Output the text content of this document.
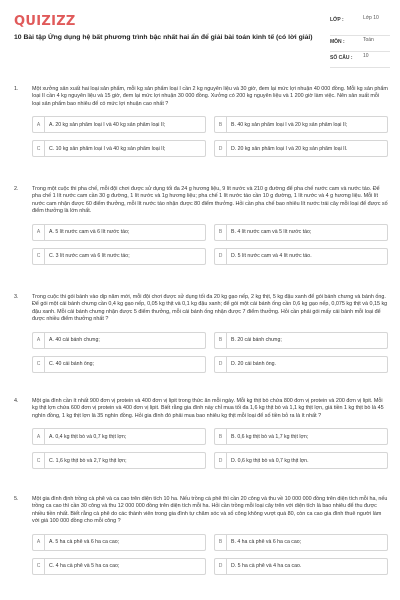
QUIZIZZ
10 Bài tập Ứng dụng hệ bất phương trình bậc nhất hai ẩn để giải bài toán kinh tế (có lời giải)
LỚP :	Lớp 10
MÔN :	Toán
SỐ CÂU : 10
1.	Một xưởng sản xuất hai loại sản phẩm, mỗi kg sản phẩm loại I cần 2 kg nguyên liệu và 30 giờ, đem lại mức lợi nhuận 40 000 đồng. Mỗi kg sản phẩm loại II cần 4 kg nguyên liệu và 15 giờ, đem lại mức lợi nhuận 30 000 đồng. Xưởng có 200 kg nguyên liệu và 1 200 giờ làm việc. Nên sản xuất mỗi loại sản phẩm bao nhiêu để có mức lợi nhuận cao nhất ?
A	A. 20 kg sản phẩm loại I và 40 kg sản phẩm loại II;	B	B. 40 kg sản phẩm loại I và 20 kg sản phẩm loại II;
C	C. 10 kg sản phẩm loại I và 40 kg sản phẩm loại II;	D	D. 20 kg sản phẩm loại I và 20 kg sản phẩm loại II.
2.	Trong một cuộc thi pha chế, mỗi đội chơi được sử dụng tối đa 24 g hương liệu, 9 lít nước và 210 g đường để pha chế nước cam và nước táo. Để pha chế 1 lít nước cam cần 30 g đường, 1 lít nước và 1g hương liệu; pha chế 1 lít nước táo cần 10 g đường, 1 lít nước và 4 g hương liệu. Mỗi lít nước cam nhận được 60 điểm thưởng, mỗi lít nước táo nhận được 80 điểm thưởng. Hỏi cần pha chế bao nhiêu lít nước trái cây mỗi loại để được số điểm thưởng là lớn nhất.
A	A. 5 lít nước cam và 6 lít nước táo;	B	B. 4 lít nước cam và 5 lít nước táo;
C	C. 3 lít nước cam và 6 lít nước táo;	D	D. 5 lít nước cam và 4 lít nước táo.
3.	Trong cuộc thi gói bánh vào dịp năm mới, mỗi đội chơi được sử dụng tối đa 20 kg gạo nếp, 2 kg thịt, 5 kg đậu xanh để gói bánh chưng và bánh ống. Để gói một cái bánh chưng cần 0,4 kg gạo nếp, 0,05 kg thịt và 0,1 kg đậu xanh; để gói một cái bánh ống cần 0,6 kg gạo nếp, 0,075 kg thịt và 0,15 kg đậu xanh. Mỗi cái bánh chưng nhận được 5 điểm thưởng, mỗi cái bánh ống nhận được 7 điểm thưởng. Hỏi cần phải gói mấy cái bánh mỗi loại để được nhiều điểm thưởng nhất ?
A	A. 40 cái bánh chưng;	B	B. 20 cái bánh chưng;
C	C. 40 cái bánh ống;	D	D. 20 cái bánh ống.
4.	Một gia đình cần ít nhất 900 đơn vị protein và 400 đơn vị lipit trong thức ăn mỗi ngày. Mỗi kg thịt bò chứa 800 đơn vị protein và 200 đơn vị lipit. Mỗi kg thịt lợn chứa 600 đơn vị protein và 400 đơn vị lipit. Biết rằng gia đình này chỉ mua tối đa 1,6 kg thịt bò và 1,1 kg thịt lợn, giá tiền 1 kg thịt bò là 45 nghìn đồng, 1 kg thịt lợn là 35 nghìn đồng. Hỏi gia đình đó phải mua bao nhiêu kg thịt mỗi loại để số tiền bỏ ra là ít nhất ?
A	A. 0,4 kg thịt bò và 0,7 kg thịt lợn;	B	B. 0,6 kg thịt bò và 1,7 kg thịt lợn;
C	C. 1,6 kg thịt bò và 2,7 kg thịt lợn;	D	D. 0,6 kg thịt bò và 0,7 kg thịt lợn.
5.	Một gia đình định trồng cà phê và ca cao trên diện tích 10 ha. Nếu trồng cà phê thì cần 20 công và thu về 10 000 000 đồng trên diện tích mỗi ha, nếu trồng ca cao thì cần 30 công và thu 12 000 000 đồng trên diện tích mỗi ha. Hỏi cần trồng mỗi loại cây trên với diện tích là bao nhiêu để thu được nhiều tiền nhất. Biết rằng cà phê do các thành viên trong gia đình tự chăm sóc và số công không vượt quá 80, còn ca cao gia đình thuê người làm với giá 100 000 đồng cho mỗi công ?
A	A. 5 ha cà phê và 6 ha ca cao;	B	B. 4 ha cà phê và 6 ha ca cao;
C	C. 4 ha cà phê và 5 ha ca cao;	D	D. 5 ha cà phê và 4 ha ca cao.
